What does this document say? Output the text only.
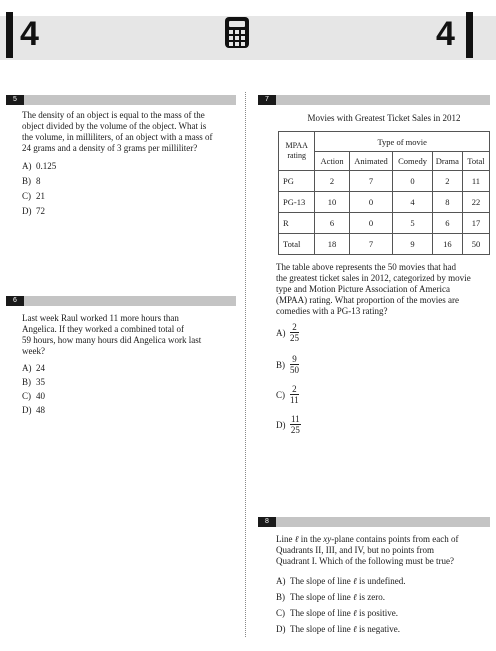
4	4
5
The density of an object is equal to the mass of the
object divided by the volume of the object. What is
the volume, in milliliters, of an object with a mass of
24 grams and a density of 3 grams per milliliter?
A) 0.125
B) 8
C) 21
D) 72
6
Last week Raul worked 11 more hours than
Angelica. If they worked a combined total of
59 hours, how many hours did Angelica work last
week?
A) 24
B) 35
C) 40
D) 48
7
Movies with Greatest Ticket Sales in 2012
MPAA
rating	Type of movie				
	Action	Animated	Comedy	Drama	Total
PG	2	7	0	2	11
PG-13	10	0	4	8	22
R	6	0	5	6	17
Total	18	7	9	16	50
The table above represents the 50 movies that had
the greatest ticket sales in 2012, categorized by movie
type and Motion Picture Association of America
(MPAA) rating. What proportion of the movies are
comedies with a PG-13 rating?
$A) \frac{2}{25}$
$B) \frac{9}{50}$
$C) \frac{2}{11}$
$D) \frac{11}{25}$
8
Line ℓ in the xy-plane contains points from each of
Quadrants II, III, and IV, but no points from
Quadrant I. Which of the following must be true?
A) The slope of line ℓ is undefined.
B) The slope of line ℓ is zero.
C) The slope of line ℓ is positive.
D) The slope of line ℓ is negative.
